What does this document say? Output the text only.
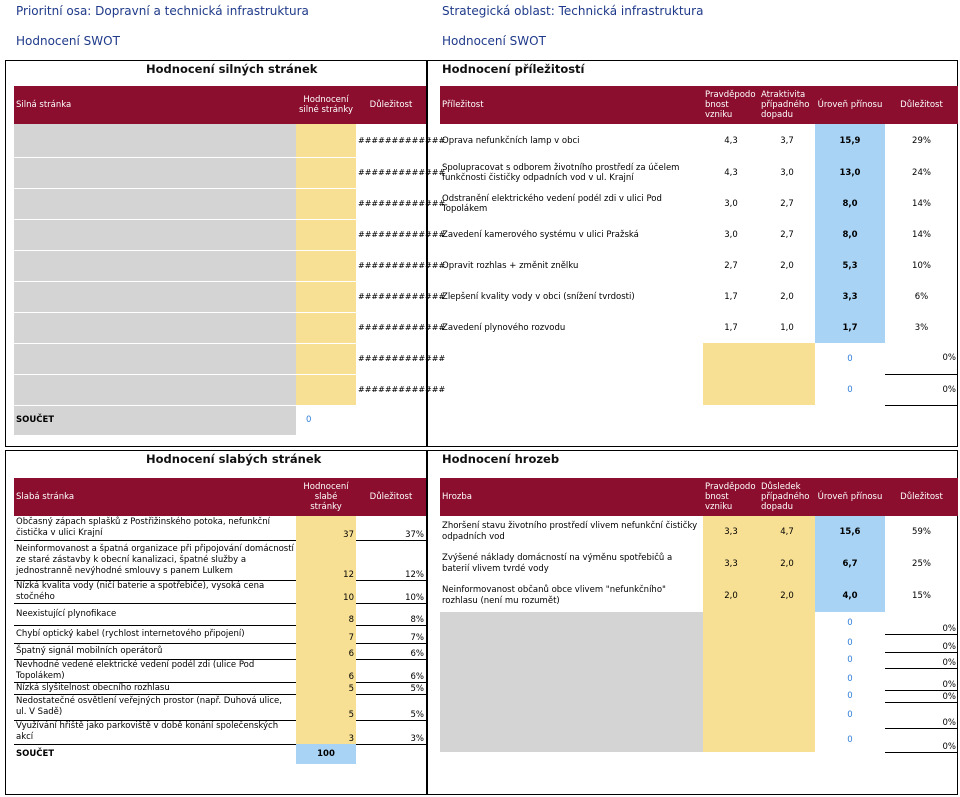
Prioritní osa: Dopravní a technická infrastruktura
Hodnocení SWOT
Strategická oblast: Technická infrastruktura
Hodnocení SWOT
Hodnocení silných stránek	Hodnocení příležitostí
Hodnocení slabých stránek	Hodnocení hrozeb
Silná stránka	Hodnocení silné stránky	Důležitost
		#############
		#############
		#############
		#############
		#############
		#############
		#############
		#############
		#############
SOUČET	0	
Příležitost	Pravděpodo bnost vzniku	Atraktivita případného dopadu	Úroveň přínosu	Důležitost
Oprava nefunkčních lamp v obci	4,3	3,7	15,9	29%
Spolupracovat s odborem životního prostředí za účelem funkčnosti čističky odpadních vod v ul. Krajní	4,3	3,0	13,0	24%
Odstranění elektrického vedení podél zdi v ulici Pod Topolákem	3,0	2,7	8,0	14%
Zavedení kamerového systému v ulici Pražská	3,0	2,7	8,0	14%
Opravit rozhlas + změnit znělku	2,7	2,0	5,3	10%
Zlepšení kvality vody v obci (snížení tvrdosti)	1,7	2,0	3,3	6%
Zavedení plynového rozvodu	1,7	1,0	1,7	3%
			0	0%
			0	0%
Slabá stránka	Hodnocení slabé stránky	Důležitost
Občasný zápach splašků z Postřižinského potoka, nefunkční čistička v ulici Krajní	37	37%
Neinformovanost a špatná organizace při připojování domácností ze staré zástavby k obecní kanalizaci, špatné služby a jednostranně nevýhodné smlouvy s panem Lulkem	12	12%
Nízká kvalita vody (ničí baterie a spotřebiče), vysoká cena stočného	10	10%
Neexistující plynofikace	8	8%
Chybí optický kabel (rychlost internetového připojení)	7	7%
Špatný signál mobilních operátorů	6	6%
Nevhodné vedené elektrické vedení podél zdi (ulice Pod Topolákem)	6	6%
Nízká slyšitelnost obecního rozhlasu	5	5%
Nedostatečné osvětlení veřejných prostor (např. Duhová ulice, ul. V Sadě)	5	5%
Využívání hřiště jako parkoviště v době konání společenských akcí	3	3%
SOUČET	100	
Hrozba	Pravděpodo bnost vzniku	Důsledek případného dopadu	Úroveň přínosu	Důležitost
Zhoršení stavu životního prostředí vlivem nefunkční čističky odpadních vod	3,3	4,7	15,6	59%
Zvýšené náklady domácností na výměnu spotřebičů a baterií vlivem tvrdé vody	3,3	2,0	6,7	25%
Neinformovanost občanů obce vlivem "nefunkčního" rozhlasu (není mu rozumět)	2,0	2,0	4,0	15%
			0	0%
			0	0%
			0	0%
			0	0%
			0	0%
			0	0%
			0	0%
